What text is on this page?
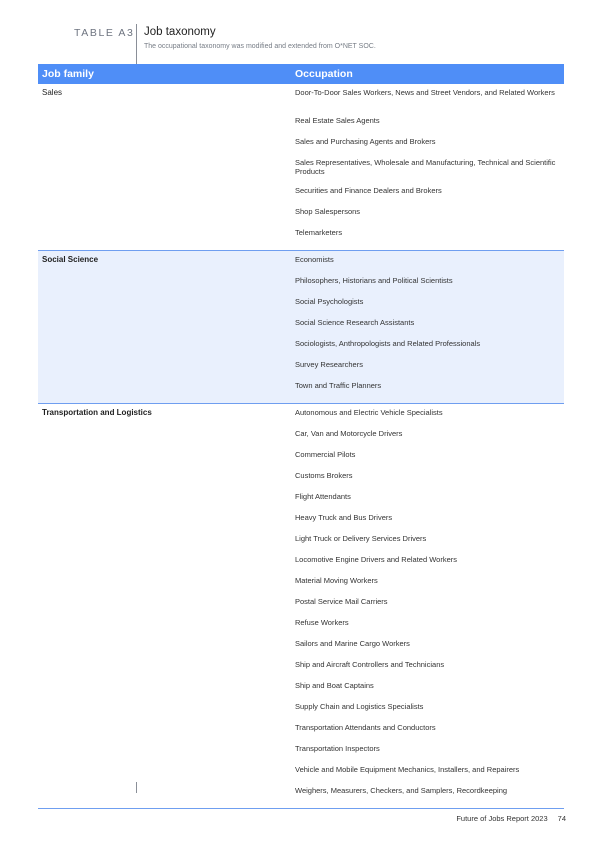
TABLE A3 Job taxonomy
The occupational taxonomy was modified and extended from O*NET SOC.
Job family	Occupation
Sales	Door-To-Door Sales Workers, News and Street Vendors, and Related Workers
Real Estate Sales Agents
Sales and Purchasing Agents and Brokers
Sales Representatives, Wholesale and Manufacturing, Technical and Scientific Products
Securities and Finance Dealers and Brokers
Shop Salespersons
Telemarketers
Social Science	Economists
Philosophers, Historians and Political Scientists
Social Psychologists
Social Science Research Assistants
Sociologists, Anthropologists and Related Professionals
Survey Researchers
Town and Traffic Planners
Transportation and Logistics	Autonomous and Electric Vehicle Specialists
Car, Van and Motorcycle Drivers
Commercial Pilots
Customs Brokers
Flight Attendants
Heavy Truck and Bus Drivers
Light Truck or Delivery Services Drivers
Locomotive Engine Drivers and Related Workers
Material Moving Workers
Postal Service Mail Carriers
Refuse Workers
Sailors and Marine Cargo Workers
Ship and Aircraft Controllers and Technicians
Ship and Boat Captains
Supply Chain and Logistics Specialists
Transportation Attendants and Conductors
Transportation Inspectors
Vehicle and Mobile Equipment Mechanics, Installers, and Repairers
Weighers, Measurers, Checkers, and Samplers, Recordkeeping
Future of Jobs Report 2023 74
